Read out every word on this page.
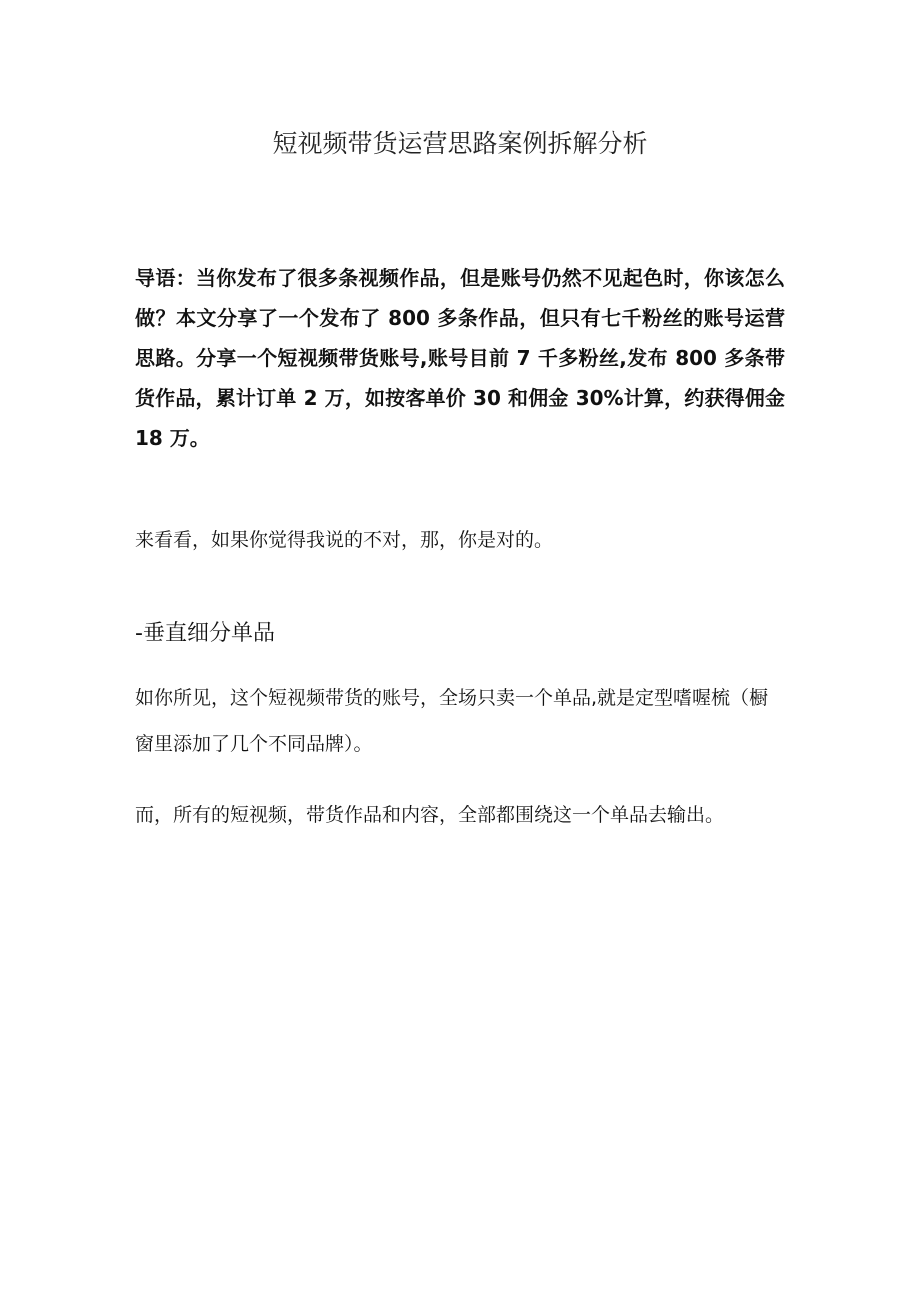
短视频带货运营思路案例拆解分析

导语：当你发布了很多条视频作品，但是账号仍然不见起色时，你该怎么做？本文分享了一个发布了 800 多条作品，但只有七千粉丝的账号运营思路。分享一个短视频带货账号,账号目前 7 千多粉丝,发布 800 多条带货作品，累计订单 2 万，如按客单价 30 和佣金 30%计算，约获得佣金 18 万。

来看看，如果你觉得我说的不对，那，你是对的。

-垂直细分单品

如你所见，这个短视频带货的账号，全场只卖一个单品,就是定型嗜喔梳（橱窗里添加了几个不同品牌）。

而，所有的短视频，带货作品和内容，全部都围绕这一个单品去输出。
